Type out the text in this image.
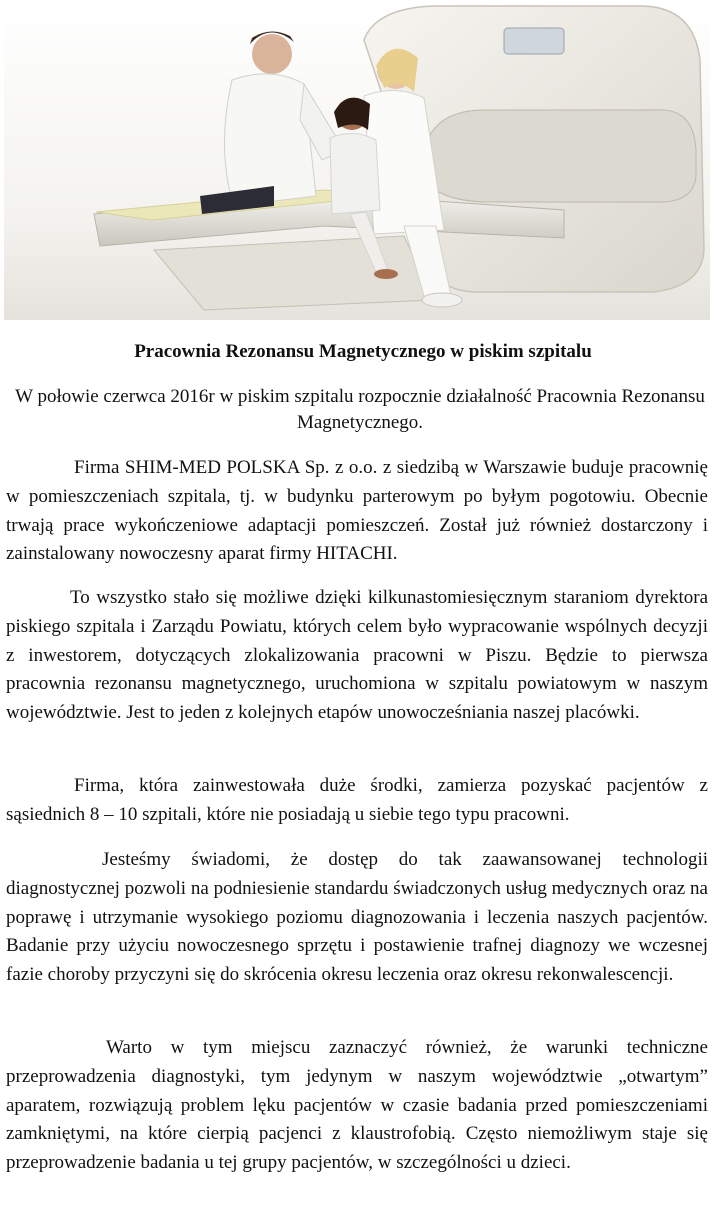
Pracownia Rezonansu Magnetycznego w piskim szpitalu
W połowie czerwca 2016r w piskim szpitalu rozpocznie działalność Pracownia Rezonansu Magnetycznego.
Firma SHIM-MED POLSKA Sp. z o.o. z siedzibą w Warszawie buduje pracownię w pomieszczeniach szpitala, tj. w budynku parterowym po byłym pogotowiu. Obecnie trwają prace wykończeniowe adaptacji pomieszczeń. Został już również dostarczony i zainstalowany nowoczesny aparat firmy HITACHI.
To wszystko stało się możliwe dzięki kilkunastomiesięcznym staraniom dyrektora piskiego szpitala i Zarządu Powiatu, których celem było wypracowanie wspólnych decyzji z inwestorem, dotyczących zlokalizowania pracowni w Piszu. Będzie to pierwsza pracownia rezonansu magnetycznego, uruchomiona w szpitalu powiatowym w naszym województwie. Jest to jeden z kolejnych etapów unowocześniania naszej placówki.
Firma, która zainwestowała duże środki, zamierza pozyskać pacjentów z sąsiednich 8 – 10 szpitali, które nie posiadają u siebie tego typu pracowni.
Jesteśmy świadomi, że dostęp do tak zaawansowanej technologii diagnostycznej pozwoli na podniesienie standardu świadczonych usług medycznych oraz na poprawę i utrzymanie wysokiego poziomu diagnozowania i leczenia naszych pacjentów. Badanie przy użyciu nowoczesnego sprzętu i postawienie trafnej diagnozy we wczesnej fazie choroby przyczyni się do skrócenia okresu leczenia oraz okresu rekonwalescencji.
Warto w tym miejscu zaznaczyć również, że warunki techniczne przeprowadzenia diagnostyki, tym jedynym w naszym województwie „otwartym” aparatem, rozwiązują problem lęku pacjentów w czasie badania przed pomieszczeniami zamkniętymi, na które cierpią pacjenci z klaustrofobią. Często niemożliwym staje się przeprowadzenie badania u tej grupy pacjentów, w szczególności u dzieci.
